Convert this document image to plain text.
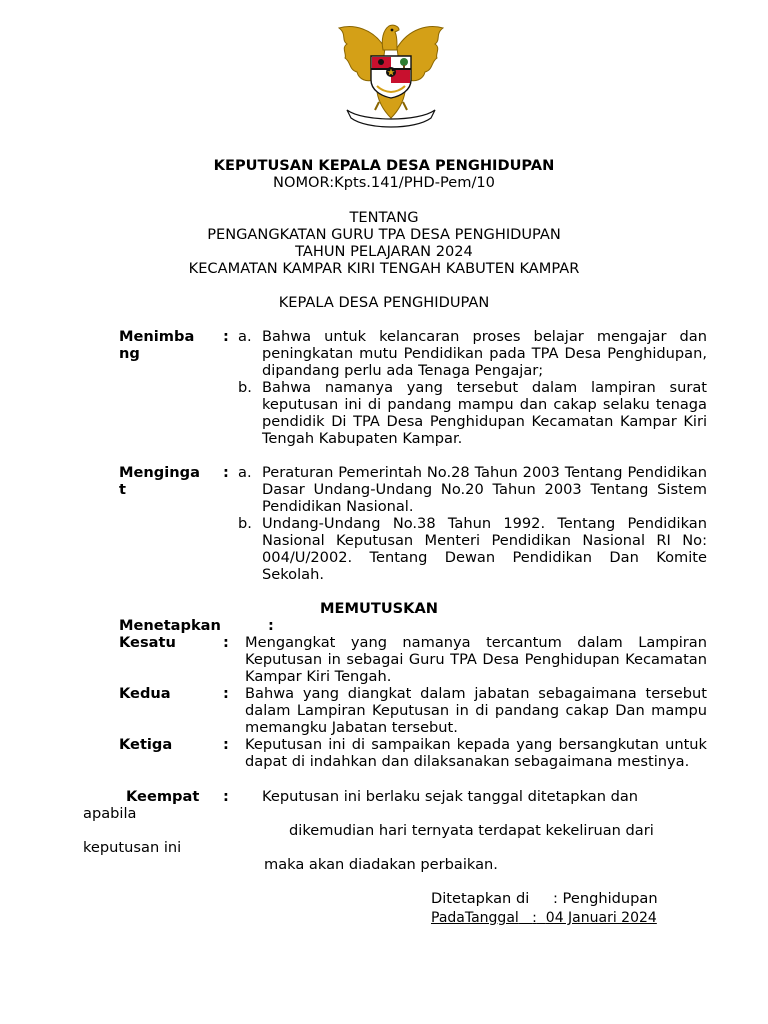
KEPUTUSAN KEPALA DESA PENGHIDUPAN
NOMOR:Kpts.141/PHD-Pem/10
TENTANG
PENGANGKATAN GURU TPA DESA PENGHIDUPAN
TAHUN PELAJARAN 2024
KECAMATAN KAMPAR KIRI TENGAH KABUTEN KAMPAR
KEPALA DESA PENGHIDUPAN
Menimba
ng
: a. Bahwa untuk kelancaran proses belajar mengajar dan peningkatan mutu Pendidikan pada TPA Desa Penghidupan, dipandang perlu ada Tenaga Pengajar;
b. Bahwa namanya yang tersebut dalam lampiran surat keputusan ini di pandang mampu dan cakap selaku tenaga pendidik Di TPA Desa Penghidupan Kecamatan Kampar Kiri Tengah Kabupaten Kampar.
Menginga
t
: a. Peraturan Pemerintah No.28 Tahun 2003 Tentang Pendidikan Dasar Undang-Undang No.20 Tahun 2003 Tentang Sistem Pendidikan Nasional.
b. Undang-Undang No.38 Tahun 1992. Tentang Pendidikan Nasional Keputusan Menteri Pendidikan Nasional RI No: 004/U/2002. Tentang Dewan Pendidikan Dan Komite Sekolah.
MEMUTUSKAN
Menetapkan	:
Kesatu	: Mengangkat yang namanya tercantum dalam Lampiran Keputusan in sebagai Guru TPA Desa Penghidupan Kecamatan Kampar Kiri Tengah.
Kedua	: Bahwa yang diangkat dalam jabatan sebagaimana tersebut dalam Lampiran Keputusan in di pandang cakap Dan mampu memangku Jabatan tersebut.
Ketiga	: Keputusan ini di sampaikan kepada yang bersangkutan untuk dapat di indahkan dan dilaksanakan sebagaimana mestinya.
Keempat : Keputusan ini berlaku sejak tanggal ditetapkan dan
apabila
dikemudian hari ternyata terdapat kekeliruan dari
keputusan ini
maka akan diadakan perbaikan.
Ditetapkan di : Penghidupan
PadaTanggal : 04 Januari 2024
